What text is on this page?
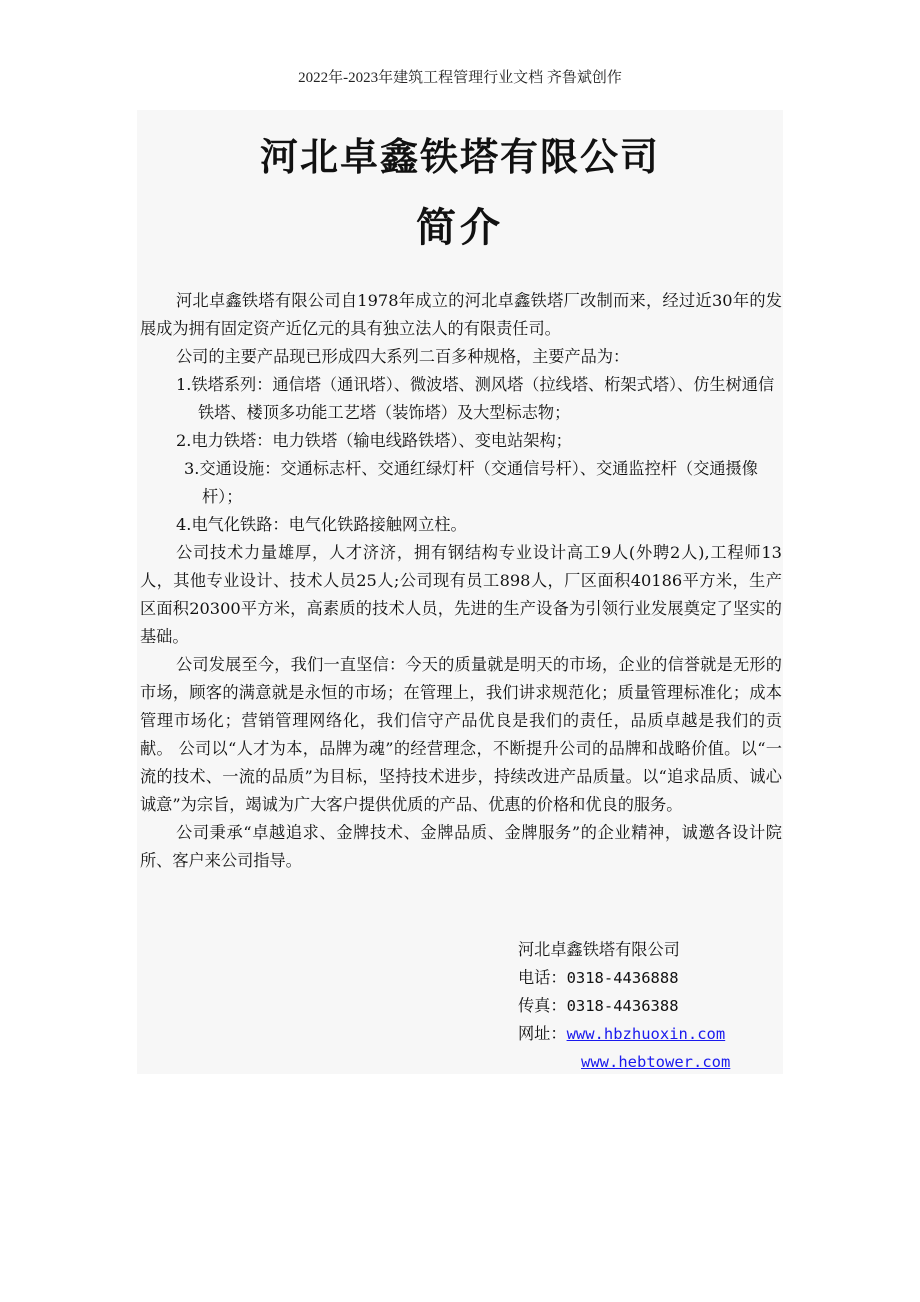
2022年-2023年建筑工程管理行业文档 齐鲁斌创作
河北卓鑫铁塔有限公司
简介

河北卓鑫铁塔有限公司自1978年成立的河北卓鑫铁塔厂改制而来，经过近30年的发展成为拥有固定资产近亿元的具有独立法人的有限责任司。

公司的主要产品现已形成四大系列二百多种规格，主要产品为：

1.铁塔系列：通信塔（通讯塔）、微波塔、测风塔（拉线塔、桁架式塔）、仿生树通信铁塔、楼顶多功能工艺塔（装饰塔）及大型标志物；

2.电力铁塔：电力铁塔（输电线路铁塔）、变电站架构；

3.交通设施：交通标志杆、交通红绿灯杆（交通信号杆）、交通监控杆（交通摄像杆）；

4.电气化铁路：电气化铁路接触网立柱。

公司技术力量雄厚，人才济济，拥有钢结构专业设计高工9人(外聘2人),工程师13人，其他专业设计、技术人员25人;公司现有员工898人，厂区面积40186平方米，生产区面积20300平方米，高素质的技术人员，先进的生产设备为引领行业发展奠定了坚实的基础。

公司发展至今，我们一直坚信：今天的质量就是明天的市场，企业的信誉就是无形的市场，顾客的满意就是永恒的市场；在管理上，我们讲求规范化；质量管理标准化；成本管理市场化；营销管理网络化，我们信守产品优良是我们的责任，品质卓越是我们的贡献。 公司以“人才为本，品牌为魂”的经营理念，不断提升公司的品牌和战略价值。以“一流的技术、一流的品质”为目标，坚持技术进步，持续改进产品质量。以“追求品质、诚心诚意”为宗旨，竭诚为广大客户提供优质的产品、优惠的价格和优良的服务。

公司秉承“卓越追求、金牌技术、金牌品质、金牌服务”的企业精神，诚邀各设计院所、客户来公司指导。

河北卓鑫铁塔有限公司

电话：0318-4436888

传真：0318-4436388

网址：www.hbzhuoxin.com

www.hebtower.com
